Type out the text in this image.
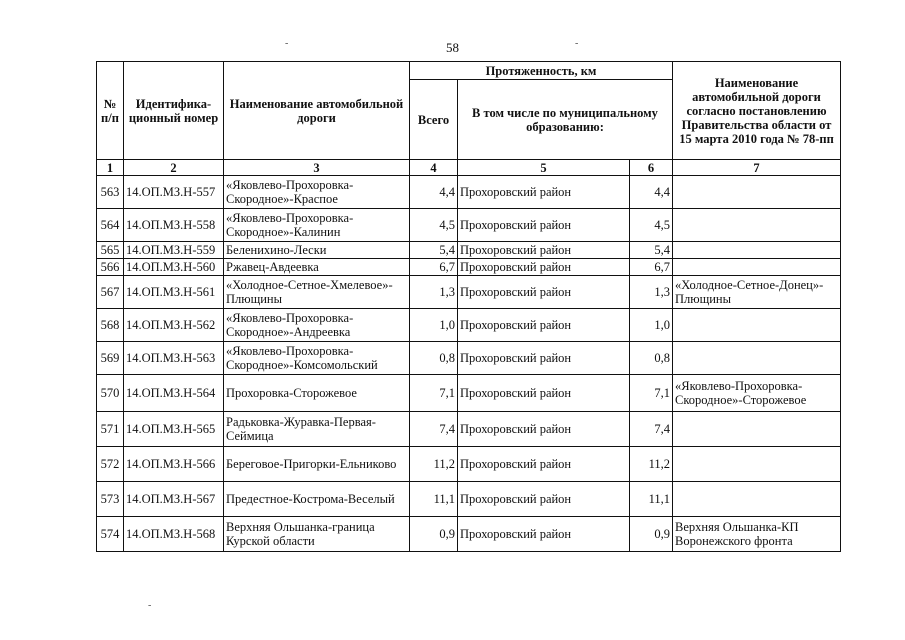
58
№ п/п	Идентифика-ционный номер	Наименование автомобильной дороги	Протяженность, км			Наименование автомобильной дороги согласно постановлению Правительства области от 15 марта 2010 года № 78-пп
			Всего	В том числе по муниципальному образованию:		
1	2	3	4	5	6	7
563	14.ОП.МЗ.Н-557	«Яковлево-Прохоровка-Скородное»-Краспое	4,4	Прохоровский район	4,4	
564	14.ОП.МЗ.Н-558	«Яковлево-Прохоровка-Скородное»-Калинин	4,5	Прохоровский район	4,5	
565	14.ОП.МЗ.Н-559	Беленихино-Лески	5,4	Прохоровский район	5,4	
566	14.ОП.МЗ.Н-560	Ржавец-Авдеевка	6,7	Прохоровский район	6,7	
567	14.ОП.МЗ.Н-561	«Холодное-Сетное-Хмелевое»-Плющины	1,3	Прохоровский район	1,3	«Холодное-Сетное-Донец»-Плющины
568	14.ОП.МЗ.Н-562	«Яковлево-Прохоровка-Скородное»-Андреевка	1,0	Прохоровский район	1,0	
569	14.ОП.МЗ.Н-563	«Яковлево-Прохоровка-Скородное»-Комсомольский	0,8	Прохоровский район	0,8	
570	14.ОП.МЗ.Н-564	Прохоровка-Сторожевое	7,1	Прохоровский район	7,1	«Яковлево-Прохоровка-Скородное»-Сторожевое
571	14.ОП.МЗ.Н-565	Радьковка-Журавка-Первая-Сеймица	7,4	Прохоровский район	7,4	
572	14.ОП.МЗ.Н-566	Береговое-Пригорки-Ельниково	11,2	Прохоровский район	11,2	
573	14.ОП.МЗ.Н-567	Предестное-Кострома-Веселый	11,1	Прохоровский район	11,1	
574	14.ОП.МЗ.Н-568	Верхняя Ольшанка-граница Курской области	0,9	Прохоровский район	0,9	Верхняя Ольшанка-КП Воронежского фронта
-	-
-
